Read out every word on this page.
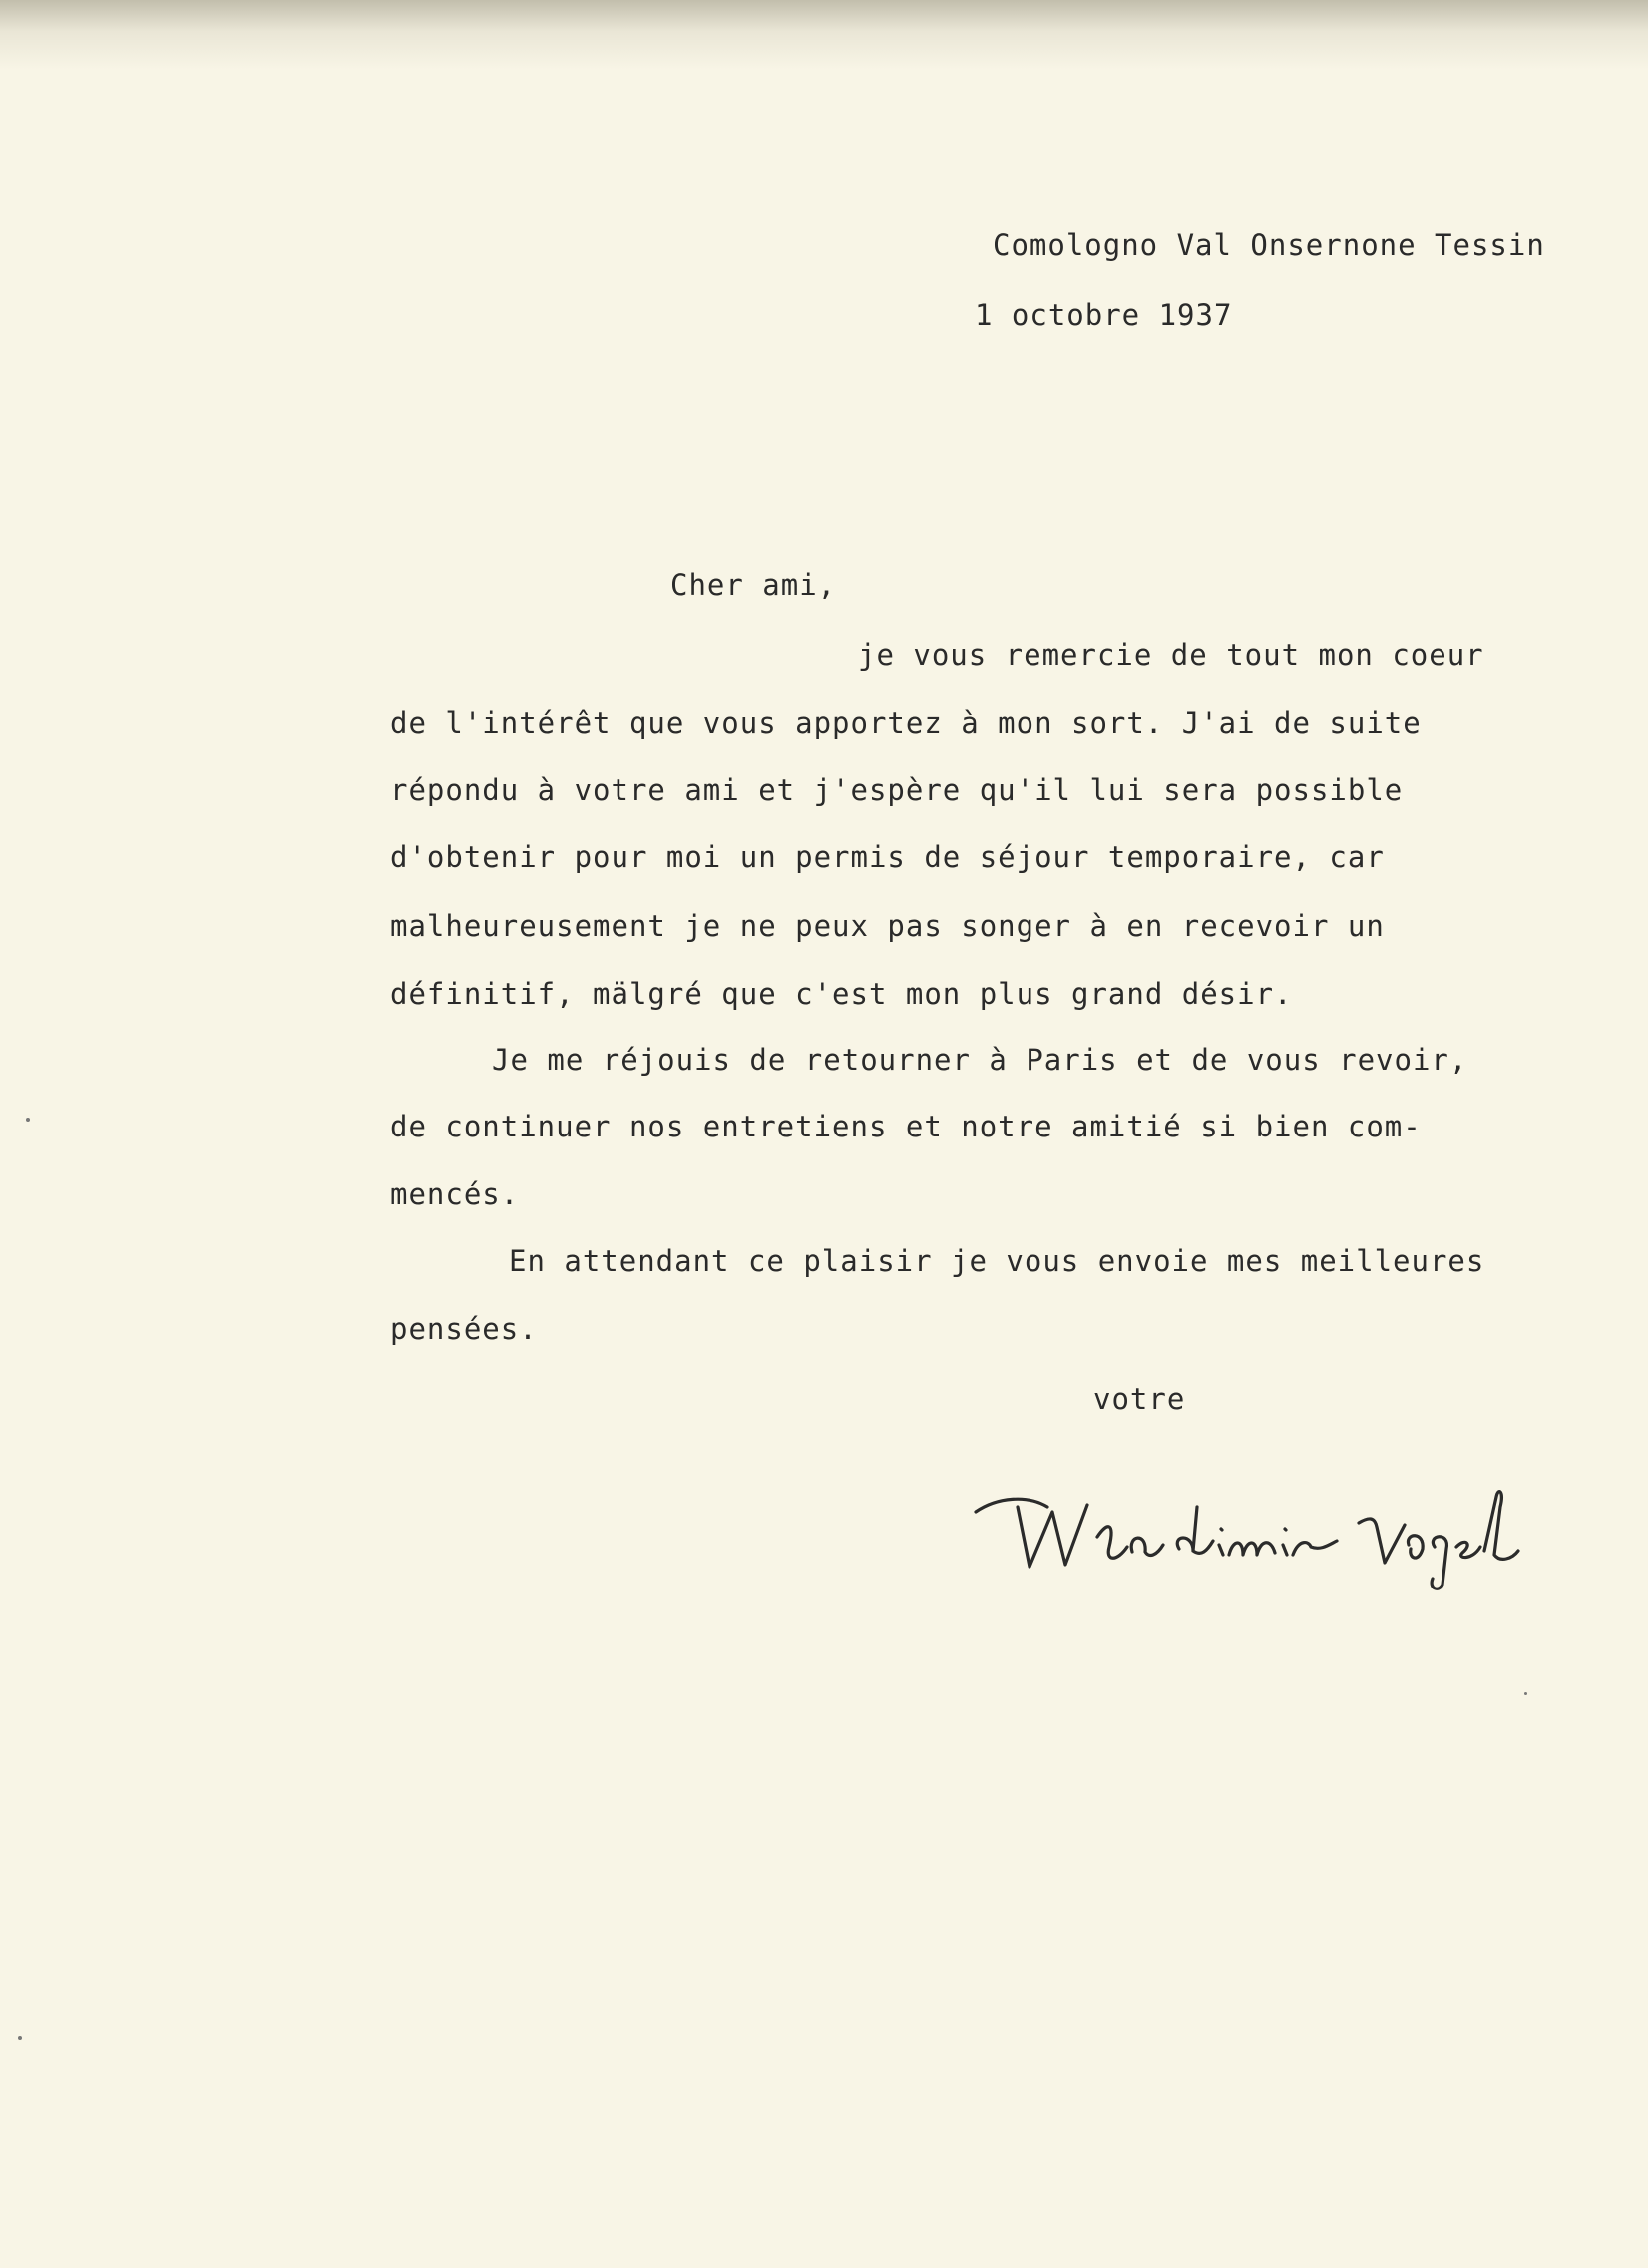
Comologno Val Onsernone Tessin
1 octobre 1937
Cher ami,
je vous remercie de tout mon coeur
de l'intérêt que vous apportez à mon sort. J'ai de suite
répondu à votre ami et j'espère qu'il lui sera possible
d'obtenir pour moi un permis de séjour temporaire, car
malheureusement je ne peux pas songer à en recevoir un
définitif, mälgré que c'est mon plus grand désir.
Je me réjouis de retourner à Paris et de vous revoir,
de continuer nos entretiens et notre amitié si bien com-
mencés.
En attendant ce plaisir je vous envoie mes meilleures
pensées.
votre
